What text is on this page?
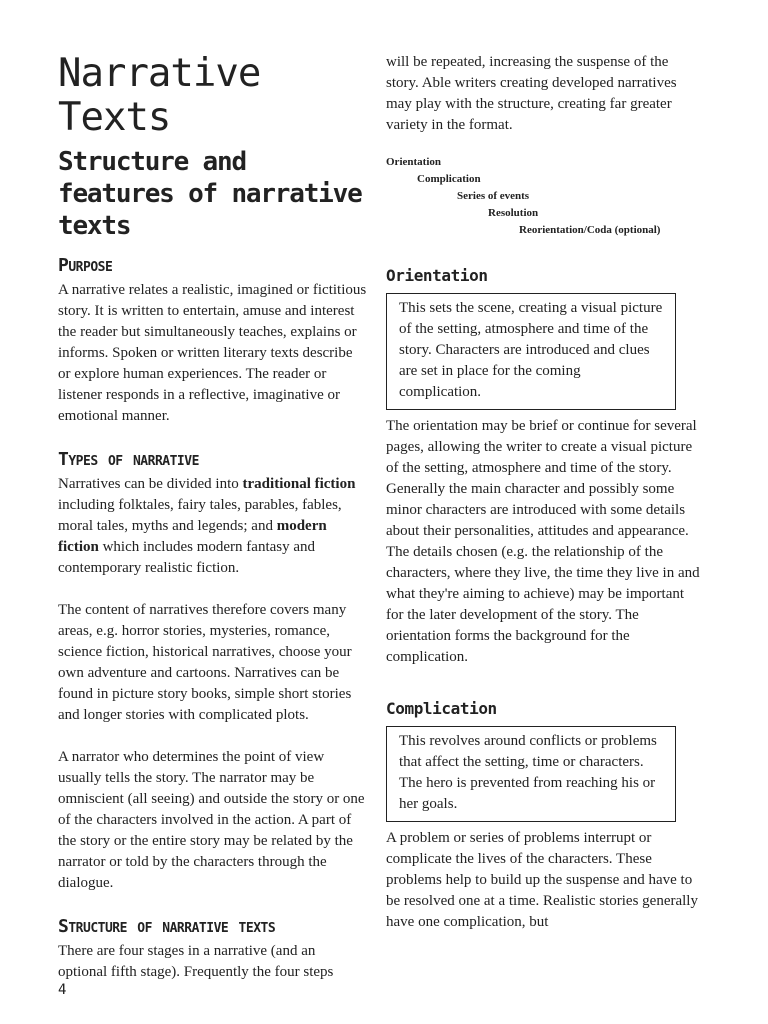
Narrative Texts
Structure and features of narrative texts
Purpose

A narrative relates a realistic, imagined or fictitious story. It is written to entertain, amuse and interest the reader but simultaneously teaches, explains or informs. Spoken or written literary texts describe or explore human experiences. The reader or listener responds in a reflective, imaginative or emotional manner.

Types of narrative

Narratives can be divided into traditional fiction including folktales, fairy tales, parables, fables, moral tales, myths and legends; and modern fiction which includes modern fantasy and contemporary realistic fiction.

The content of narratives therefore covers many areas, e.g. horror stories, mysteries, romance, science fiction, historical narratives, choose your own adventure and cartoons. Narratives can be found in picture story books, simple short stories and longer stories with complicated plots.

A narrator who determines the point of view usually tells the story. The narrator may be omniscient (all seeing) and outside the story or one of the characters involved in the action. A part of the story or the entire story may be related by the narrator or told by the characters through the dialogue.

Structure of narrative texts

There are four stages in a narrative (and an optional fifth stage). Frequently the four steps

will be repeated, increasing the suspense of the story. Able writers creating developed narratives may play with the structure, creating far greater variety in the format.

Orientation
Complication
Series of events
Resolution
Reorientation/Coda (optional)
Orientation

This sets the scene, creating a visual picture of the setting, atmosphere and time of the story. Characters are introduced and clues are set in place for the coming complication.

The orientation may be brief or continue for several pages, allowing the writer to create a visual picture of the setting, atmosphere and time of the story. Generally the main character and possibly some minor characters are introduced with some details about their personalities, attitudes and appearance. The details chosen (e.g. the relationship of the characters, where they live, the time they live in and what they're aiming to achieve) may be important for the later development of the story. The orientation forms the background for the complication.

Complication

This revolves around conflicts or problems that affect the setting, time or characters. The hero is prevented from reaching his or her goals.

A problem or series of problems interrupt or complicate the lives of the characters. These problems help to build up the suspense and have to be resolved one at a time. Realistic stories generally have one complication, but

4
